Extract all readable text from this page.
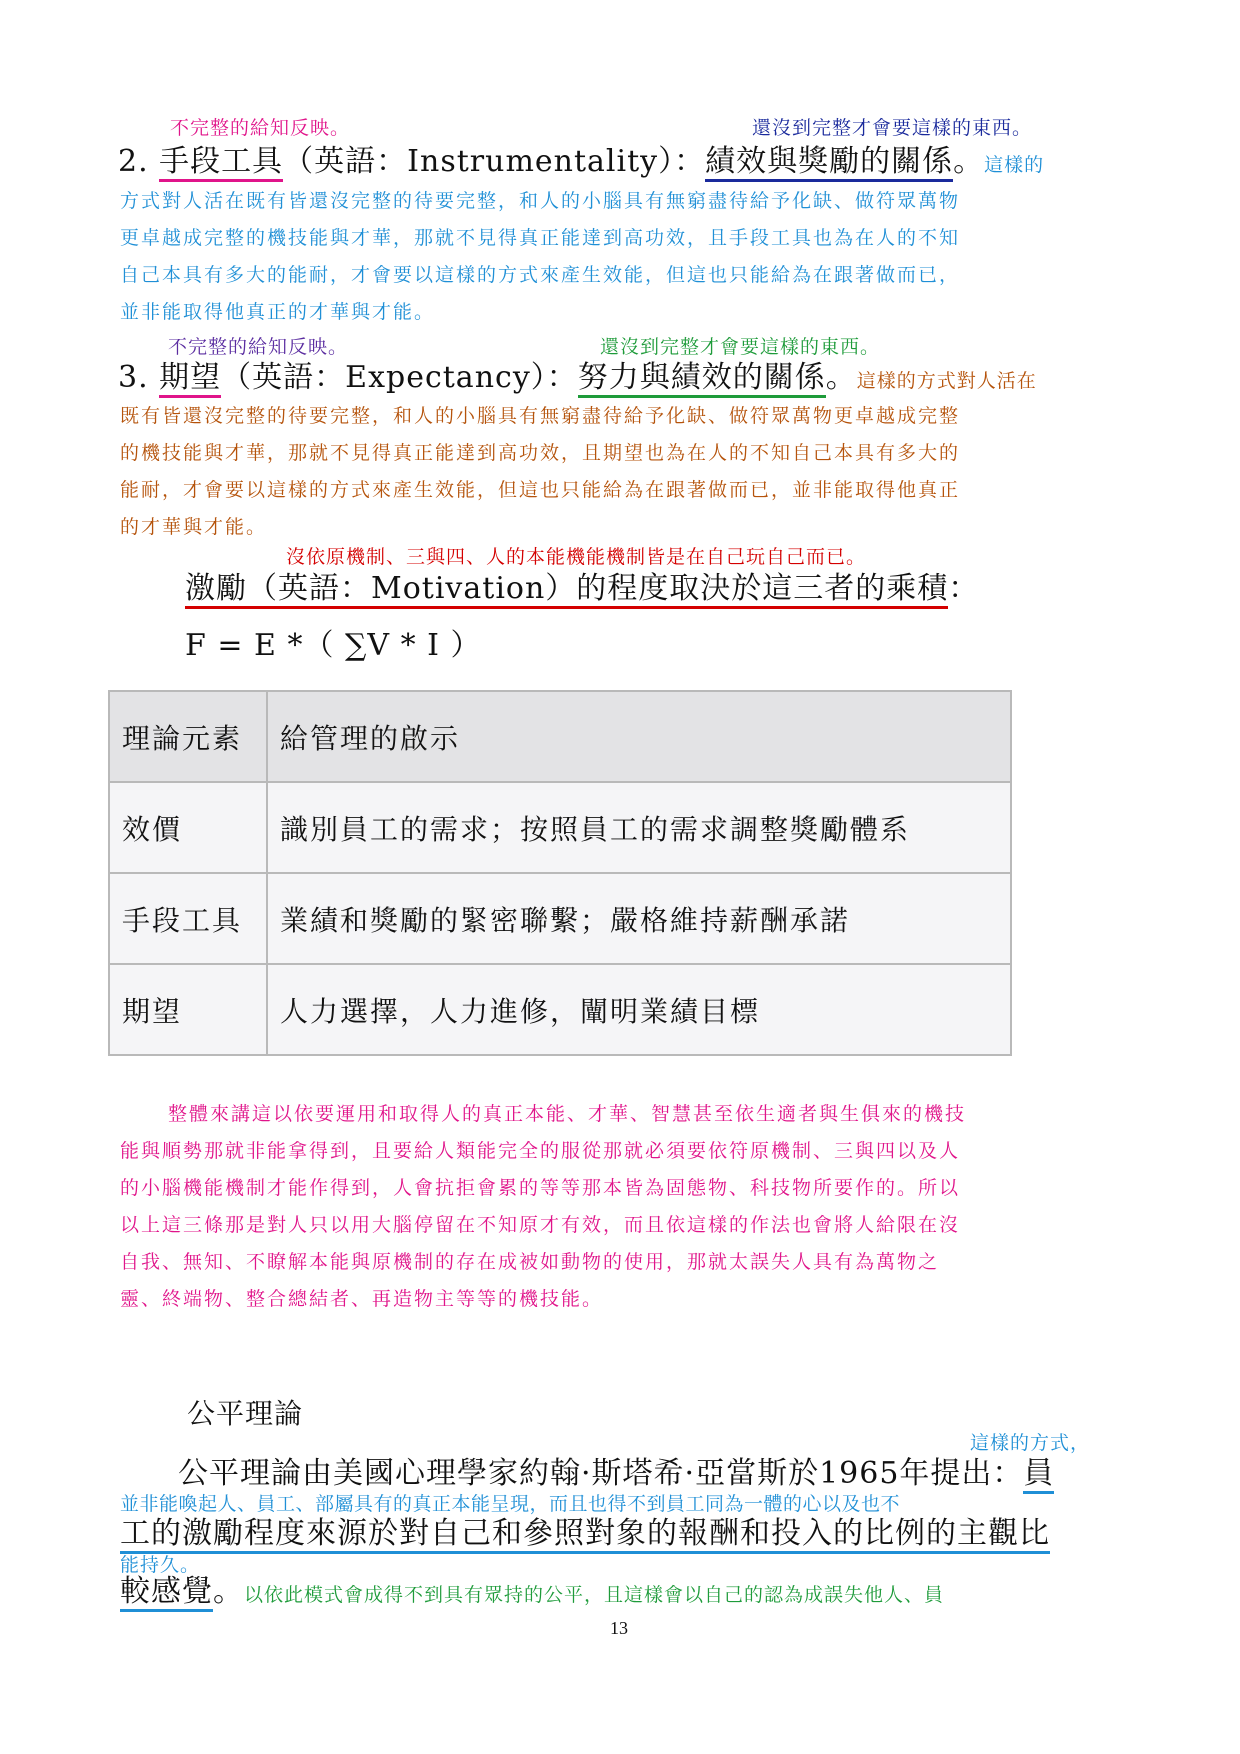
不完整的給知反映。	還沒到完整才會要這樣的東西。
2. 手段工具（英語：Instrumentality）：績效與獎勵的關係。這樣的
方式對人活在既有皆還沒完整的待要完整，和人的小腦具有無窮盡待給予化缺、做符眾萬物
更卓越成完整的機技能與才華，那就不見得真正能達到高功效，且手段工具也為在人的不知
自己本具有多大的能耐，才會要以這樣的方式來產生效能，但這也只能給為在跟著做而已，
並非能取得他真正的才華與才能。
不完整的給知反映。	還沒到完整才會要這樣的東西。
3. 期望（英語：Expectancy）：努力與績效的關係。這樣的方式對人活在
既有皆還沒完整的待要完整，和人的小腦具有無窮盡待給予化缺、做符眾萬物更卓越成完整
的機技能與才華，那就不見得真正能達到高功效，且期望也為在人的不知自己本具有多大的
能耐，才會要以這樣的方式來產生效能，但這也只能給為在跟著做而已，並非能取得他真正
的才華與才能。
沒依原機制、三與四、人的本能機能機制皆是在自己玩自己而已。
激勵（英語：Motivation）的程度取決於這三者的乘積：
F = E *（ ∑V * I ）
理論元素	給管理的啟示
效價	識別員工的需求；按照員工的需求調整獎勵體系
手段工具	業績和獎勵的緊密聯繫；嚴格維持薪酬承諾
期望	人力選擇，人力進修，闡明業績目標
整體來講這以依要運用和取得人的真正本能、才華、智慧甚至依生適者與生俱來的機技
能與順勢那就非能拿得到，且要給人類能完全的服從那就必須要依符原機制、三與四以及人
的小腦機能機制才能作得到，人會抗拒會累的等等那本皆為固態物、科技物所要作的。所以
以上這三條那是對人只以用大腦停留在不知原才有效，而且依這樣的作法也會將人給限在沒
自我、無知、不瞭解本能與原機制的存在成被如動物的使用，那就太誤失人具有為萬物之
靈、終端物、整合總結者、再造物主等等的機技能。
公平理論
這樣的方式，
公平理論由美國心理學家約翰·斯塔希·亞當斯於1965年提出：員
並非能喚起人、員工、部屬具有的真正本能呈現，而且也得不到員工同為一體的心以及也不
工的激勵程度來源於對自己和參照對象的報酬和投入的比例的主觀比
能持久。
較感覺。以依此模式會成得不到具有眾持的公平，且這樣會以自己的認為成誤失他人、員
13
